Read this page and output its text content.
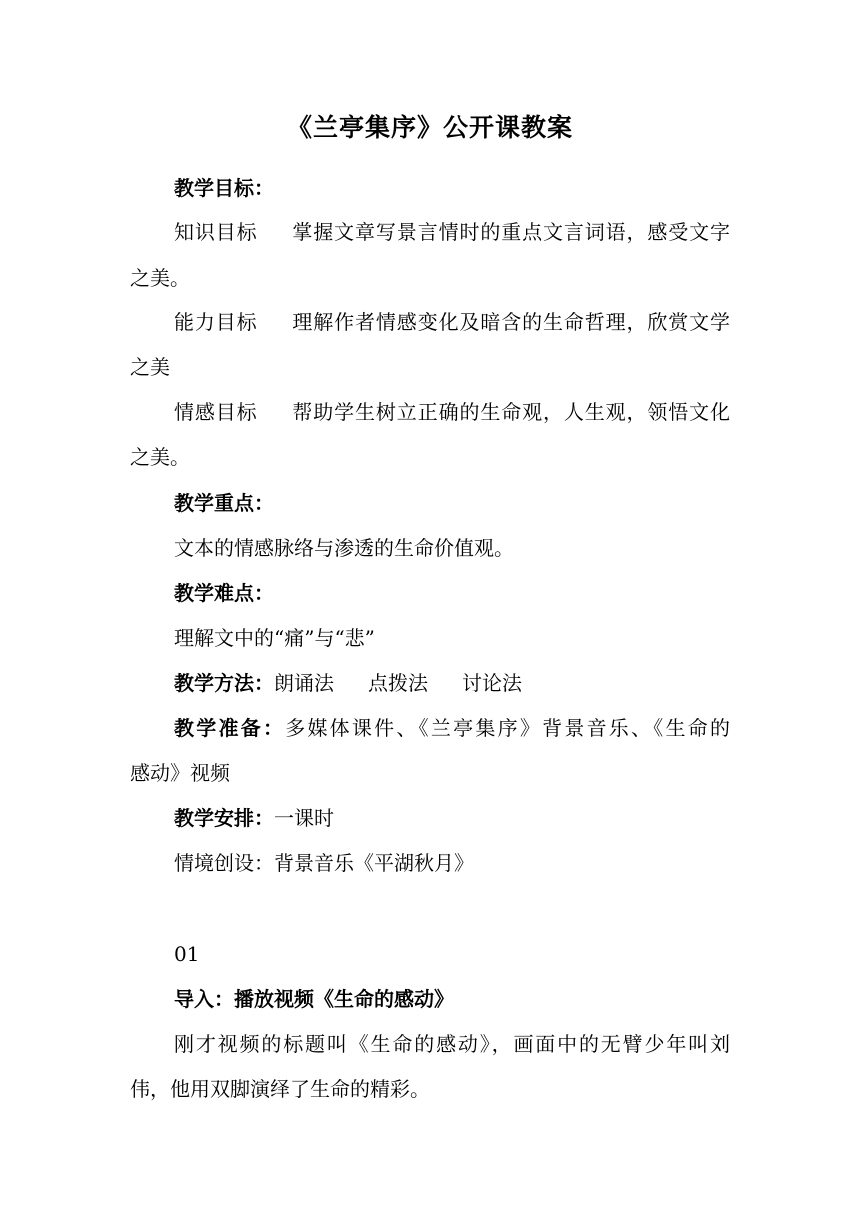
《兰亭集序》公开课教案
教学目标：
知识目标 掌握文章写景言情时的重点文言词语，感受文字
之美。
能力目标 理解作者情感变化及暗含的生命哲理，欣赏文学
之美
情感目标 帮助学生树立正确的生命观，人生观，领悟文化
之美。
教学重点：
文本的情感脉络与渗透的生命价值观。
教学难点：
理解文中的“痛”与“悲”
教学方法：朗诵法 点拨法 讨论法
教学准备：多媒体课件、《兰亭集序》背景音乐、《生命的
感动》视频
教学安排：一课时
情境创设：背景音乐《平湖秋月》
01
导入：播放视频《生命的感动》
刚才视频的标题叫《生命的感动》，画面中的无臂少年叫刘
伟，他用双脚演绎了生命的精彩。
